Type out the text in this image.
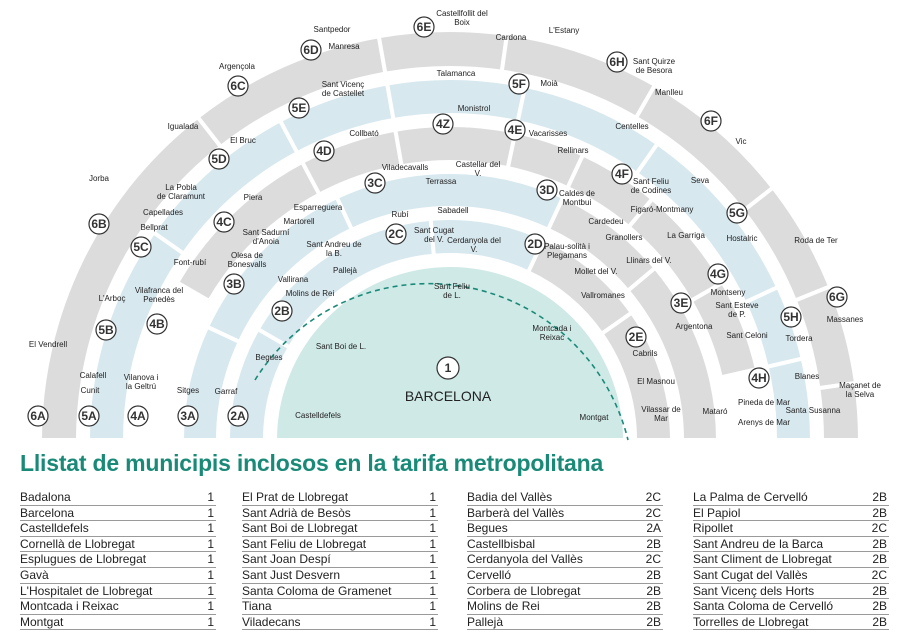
1
2A
2B
2C
2D
2E
3A
3B
3C	3D
3E
4A
4B
4C
4D
4Z	4E
4F
4G
4H
5A
5B
5C
5D
5E
5F
5G
5H
6A
6B
6C
6D
6E
6H
6F
6G
BARCELONA
Sant Feliu de L.
Sant Boi de L.
Montcada i Reixac
Castelldefels	Montgat
Begues
Vallirana
Molins de Rei
Sant Andreu de la B.
Pallejà
Rubí	Sabadell
Sant Cugat del V. Cerdanyola del V.	Palau-solità i Plegamans
Mollet del V.
Vallromanes
Cabrils
El Masnou
Vilassar de Mar
Garraf
Sitges
Olesa de Bonesvalls
Sant Sadurní d'Anoia
Martorell
Esparreguera
Terrassa
Viladecavalls	Castellar del V.
Caldes de Montbui
Cardedeu
Granollers
Llinars del V.
Argentona
Mataró
Vilanova i la Geltrú
Vilafranca del Penedès
Piera
Collbató
Monistrol
Rellinars
Vacarisses
Sant Feliu de Codines
Figaró-Montmany
La Garriga
Montseny
Sant Esteve de P.
Sant Celoni
Pineda de Mar
Arenys de Mar
Calafell
Cunit
L'Arboç
Bellprat
Capellades
La Pobla de Claramunt
Font-rubí
El Bruc
Sant Vicenç de Castellet
Talamanca
Moià
Centelles
Seva
Hostalric
Tordera
Blanes
Santa Susanna
El Vendrell
Jorba
Igualada
Argençola
Santpedor
Manresa
Castellfollit del Boix
Cardona
L'Estany
Sant Quirze de Besora
Manlleu
Vic
Roda de Ter
Massanes
Maçanet de la Selva
Llistat de municipis inclosos en la tarifa metropolitana
Badalona	1
Barcelona	1
Castelldefels	1
Cornellà de Llobregat	1
Esplugues de Llobregat	1
Gavà	1
L'Hospitalet de Llobregat	1
Montcada i Reixac	1
Montgat	1
El Prat de Llobregat	1
Sant Adrià de Besòs	1
Sant Boi de Llobregat	1
Sant Feliu de Llobregat	1
Sant Joan Despí	1
Sant Just Desvern	1
Santa Coloma de Gramenet	1
Tiana	1
Viladecans	1
Badia del Vallès	2C
Barberà del Vallès	2C
Begues	2A
Castellbisbal	2B
Cerdanyola del Vallès	2C
Cervelló	2B
Corbera de Llobregat	2B
Molins de Rei	2B
Pallejà	2B
La Palma de Cervelló	2B
El Papiol	2B
Ripollet	2C
Sant Andreu de la Barca	2B
Sant Climent de Llobregat	2B
Sant Cugat del Vallès	2C
Sant Vicenç dels Horts	2B
Santa Coloma de Cervelló	2B
Torrelles de Llobregat	2B
